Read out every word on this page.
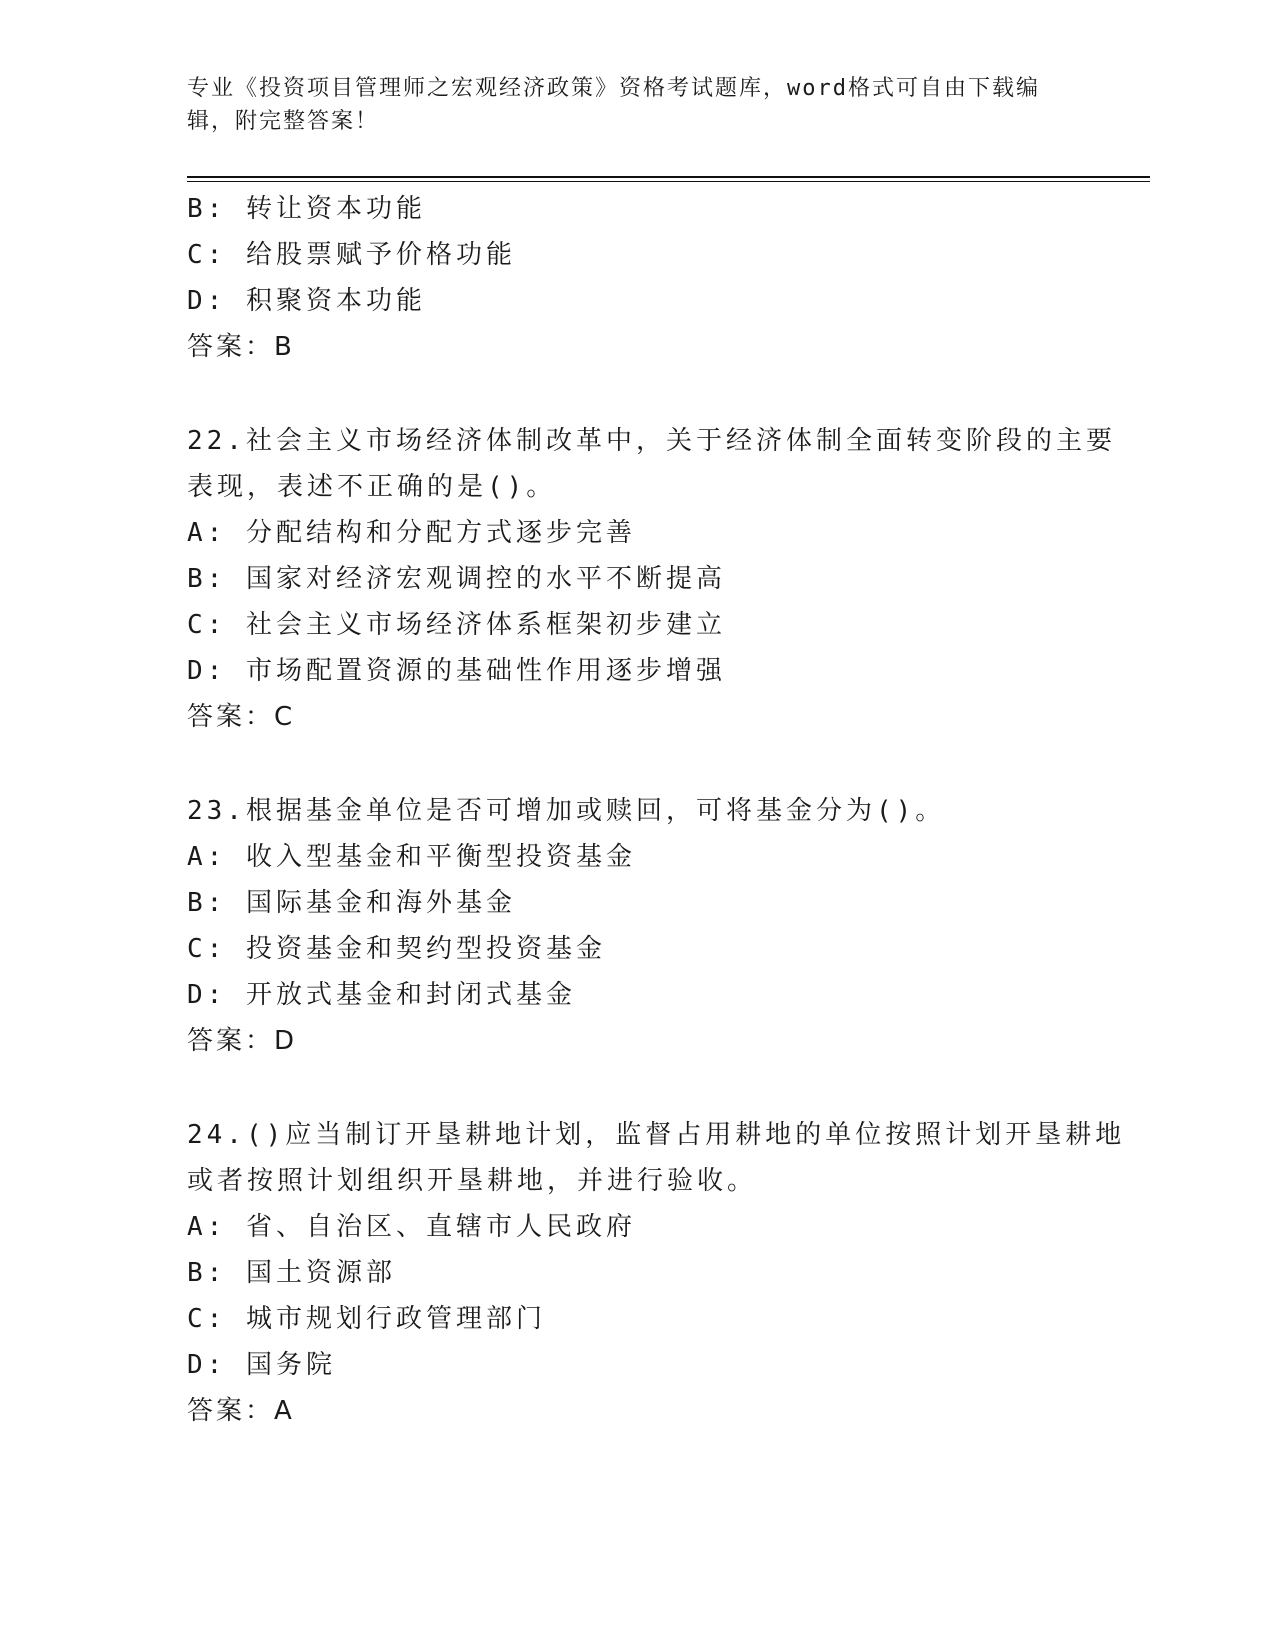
专业《投资项目管理师之宏观经济政策》资格考试题库，word格式可自由下载编
辑，附完整答案！
B: 转让资本功能
C: 给股票赋予价格功能
D: 积聚资本功能
答案：B
22.社会主义市场经济体制改革中，关于经济体制全面转变阶段的主要
表现，表述不正确的是()。
A: 分配结构和分配方式逐步完善
B: 国家对经济宏观调控的水平不断提高
C: 社会主义市场经济体系框架初步建立
D: 市场配置资源的基础性作用逐步增强
答案：C
23.根据基金单位是否可增加或赎回，可将基金分为()。
A: 收入型基金和平衡型投资基金
B: 国际基金和海外基金
C: 投资基金和契约型投资基金
D: 开放式基金和封闭式基金
答案：D
24.()应当制订开垦耕地计划，监督占用耕地的单位按照计划开垦耕地
或者按照计划组织开垦耕地，并进行验收。
A: 省、自治区、直辖市人民政府
B: 国土资源部
C: 城市规划行政管理部门
D: 国务院
答案：A
